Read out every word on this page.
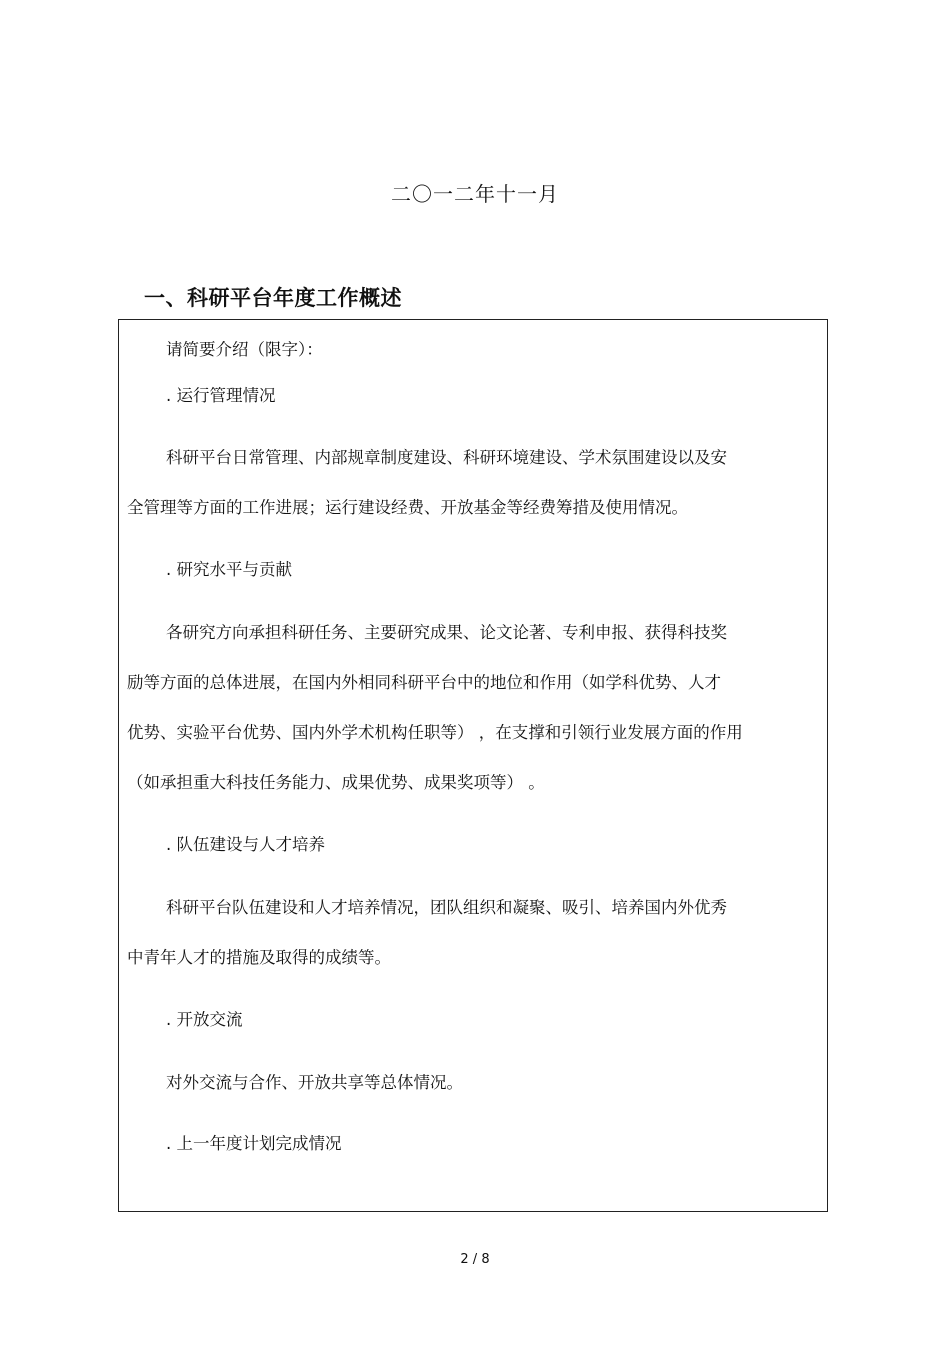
二〇一二年十一月
一、科研平台年度工作概述
请简要介绍（限字）：
. 运行管理情况
科研平台日常管理、内部规章制度建设、科研环境建设、学术氛围建设以及安
全管理等方面的工作进展；运行建设经费、开放基金等经费筹措及使用情况。
. 研究水平与贡献
各研究方向承担科研任务、主要研究成果、论文论著、专利申报、获得科技奖
励等方面的总体进展，在国内外相同科研平台中的地位和作用（如学科优势、人才
优势、实验平台优势、国内外学术机构任职等） ，在支撑和引领行业发展方面的作用
（如承担重大科技任务能力、成果优势、成果奖项等） 。
. 队伍建设与人才培养
科研平台队伍建设和人才培养情况，团队组织和凝聚、吸引、培养国内外优秀
中青年人才的措施及取得的成绩等。
. 开放交流
对外交流与合作、开放共享等总体情况。
. 上一年度计划完成情况
2 / 8
